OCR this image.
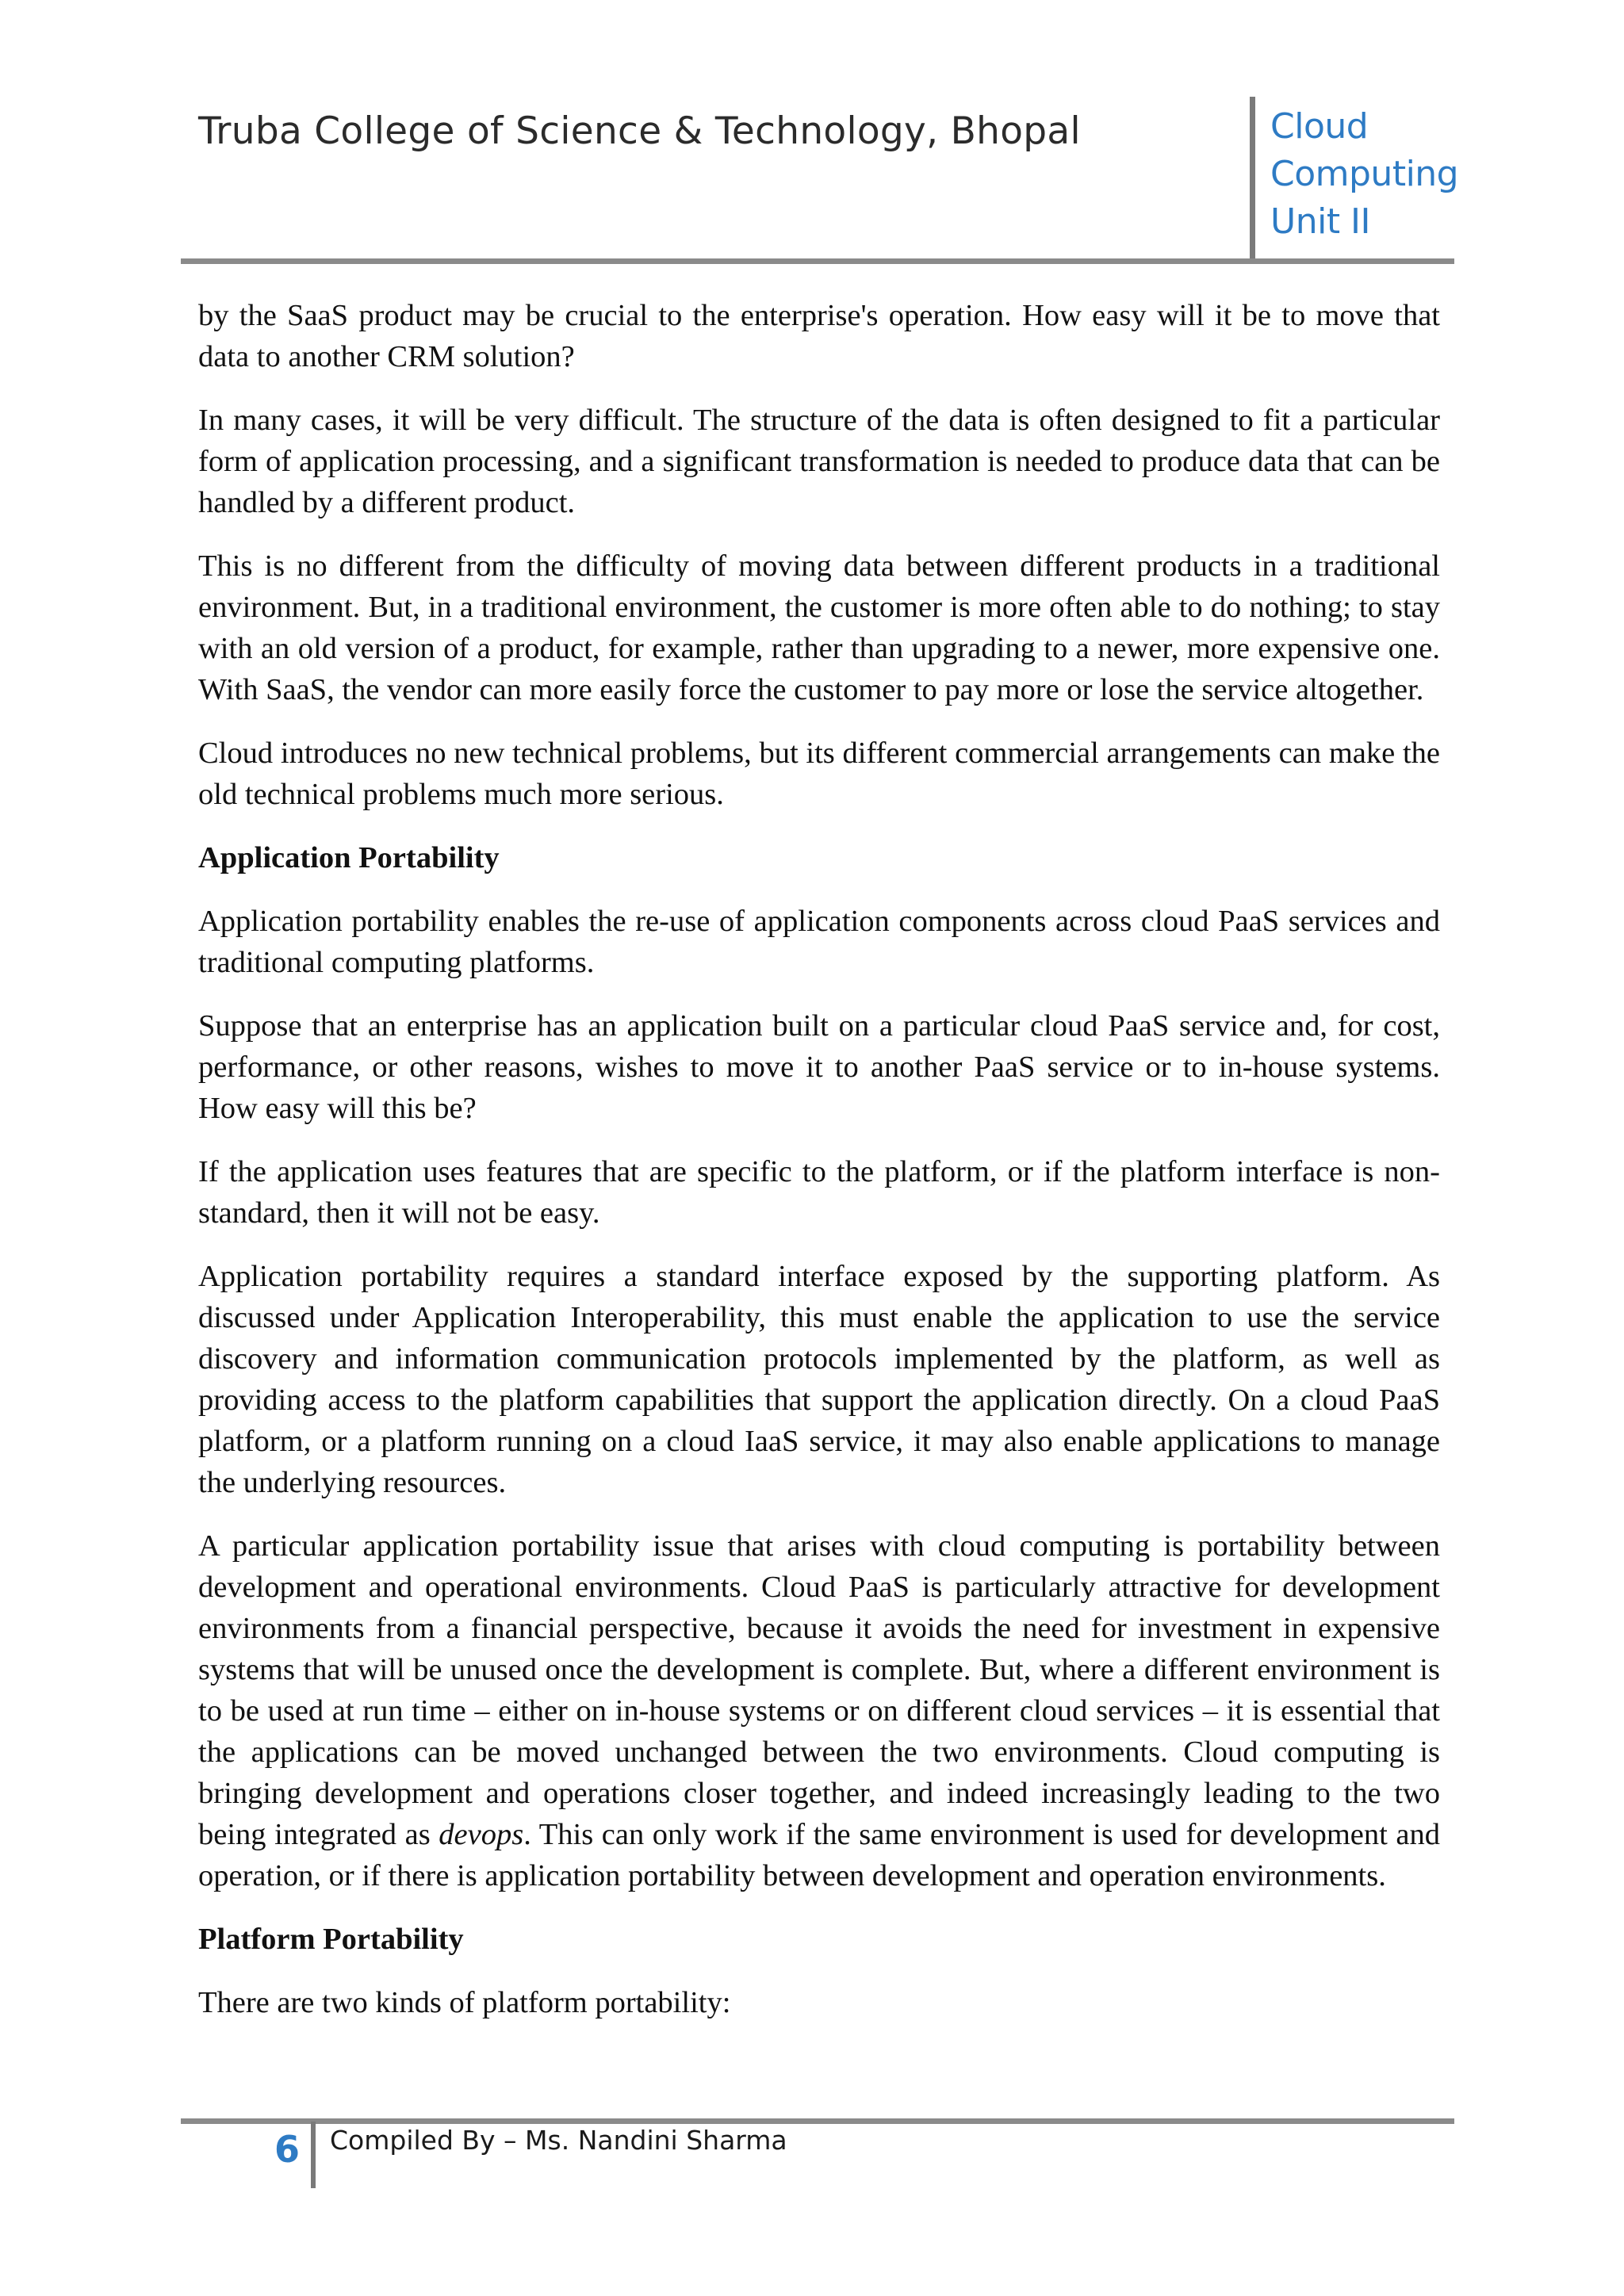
Truba College of Science & Technology, Bhopal	Cloud
Computing
Unit II

by the SaaS product may be crucial to the enterprise's operation. How easy will it be to move that data to another CRM solution?

In many cases, it will be very difficult. The structure of the data is often designed to fit a particular form of application processing, and a significant transformation is needed to produce data that can be handled by a different product.

This is no different from the difficulty of moving data between different products in a traditional environment. But, in a traditional environment, the customer is more often able to do nothing; to stay with an old version of a product, for example, rather than upgrading to a newer, more expensive one. With SaaS, the vendor can more easily force the customer to pay more or lose the service altogether.

Cloud introduces no new technical problems, but its different commercial arrangements can make the old technical problems much more serious.

Application Portability

Application portability enables the re-use of application components across cloud PaaS services and traditional computing platforms.

Suppose that an enterprise has an application built on a particular cloud PaaS service and, for cost, performance, or other reasons, wishes to move it to another PaaS service or to in-house systems. How easy will this be?

If the application uses features that are specific to the platform, or if the platform interface is non-standard, then it will not be easy.

Application portability requires a standard interface exposed by the supporting platform. As discussed under Application Interoperability, this must enable the application to use the service discovery and information communication protocols implemented by the platform, as well as providing access to the platform capabilities that support the application directly. On a cloud PaaS platform, or a platform running on a cloud IaaS service, it may also enable applications to manage the underlying resources.

A particular application portability issue that arises with cloud computing is portability between development and operational environments. Cloud PaaS is particularly attractive for development environments from a financial perspective, because it avoids the need for investment in expensive systems that will be unused once the development is complete. But, where a different environment is to be used at run time – either on in-house systems or on different cloud services – it is essential that the applications can be moved unchanged between the two environments. Cloud computing is bringing development and operations closer together, and indeed increasingly leading to the two being integrated as devops. This can only work if the same environment is used for development and operation, or if there is application portability between development and operation environments.

Platform Portability

There are two kinds of platform portability:

6 Compiled By – Ms. Nandini Sharma
